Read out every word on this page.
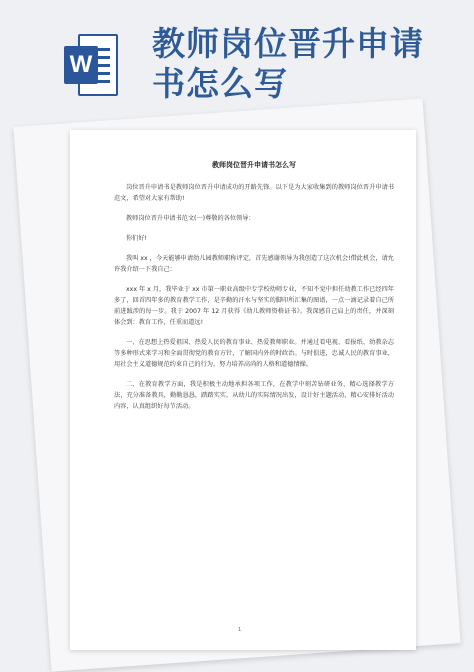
W
教师岗位晋升申请书怎么写
教师岗位晋升申请书怎么写

岗位晋升申请书是教师岗位晋升申请成功的开路先锋。以下是为大家收集到的教师岗位晋升申请书范文，希望对大家有帮助!

教师岗位晋升申请书范文(一)尊敬的各位领导：

你们好!

我叫 xx ，今天能够申请幼儿园教师职称评定，首先感谢领导为我创造了这次机会!借此机会，请允许我介绍一下我自己：

xxx 年 x 月，我毕业于 xx 市第一职业高级中专学校幼师专业，不知不觉中担任幼教工作已经四年多了，回首四年多的教育教学工作，是辛勤的汗水与坚实的脚印所汇集的图谱，一点一滴记录着自己所前进跋涉的每一步。我于 2007 年 12 月获得《幼儿教师资格证书》。我深感自己肩上的责任，并深刻体会到：教育工作，任重而道远!

一、在思想上热爱祖国、热爱人民的教育事业、热爱教师职业。并通过看电视、看报纸、幼教杂志等多种形式来学习和全面贯彻党的教育方针，了解国内外的时政治。与时俱进，忠诚人民的教育事业，用社会主义道德规范约束自己的行为，努力培养高尚的人格和道德情操。

二、在教育教学方面，我是积极主动地承担各项工作，在教学中刻苦钻研业务，精心选择教学方法，充分准备教具，勤勤恳恳，踏踏实实，从幼儿的实际情况出发，设计好主题活动，精心安排好活动内容，认真组织好每节活动。

1
